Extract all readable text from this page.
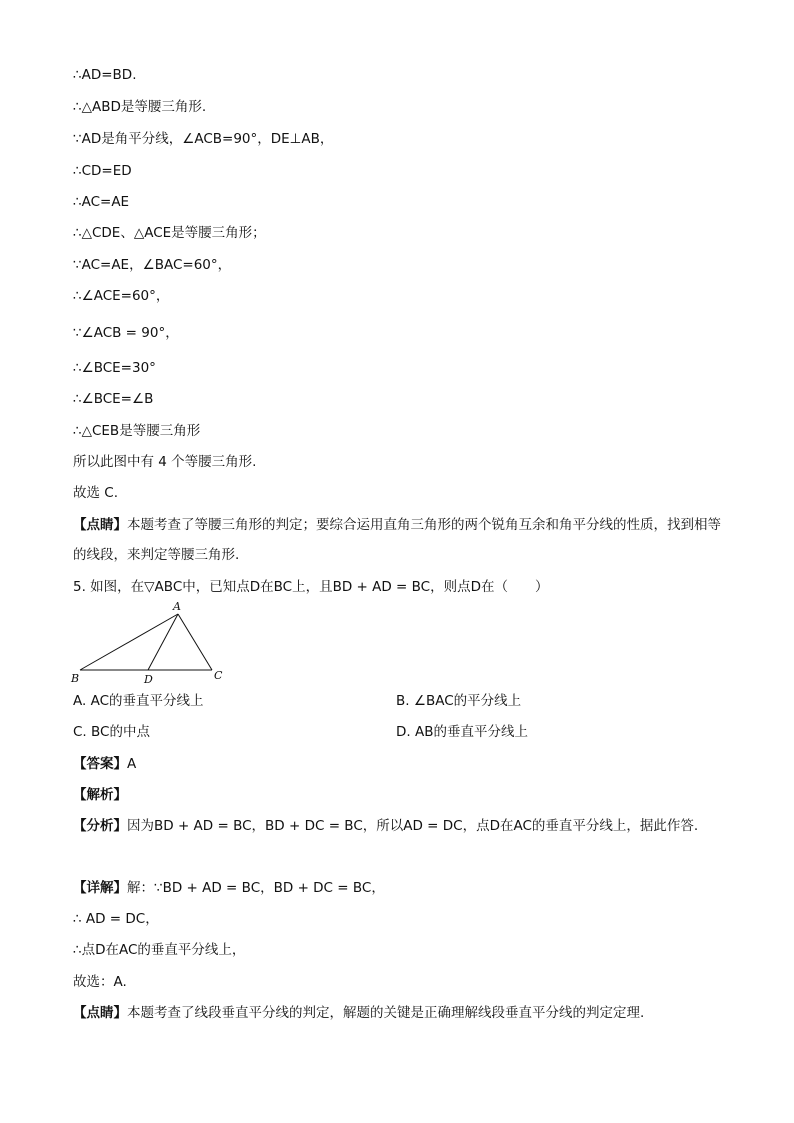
∴AD=BD.
∴△ABD是等腰三角形.
∵AD是角平分线，∠ACB=90°，DE⊥AB，
∴CD=ED
∴AC=AE
∴△CDE、△ACE是等腰三角形；
∵AC=AE，∠BAC=60°，
∴∠ACE=60°，
∵∠ACB = 90°，
∴∠BCE=30°
∴∠BCE=∠B
∴△CEB是等腰三角形
所以此图中有 4 个等腰三角形.
故选 C.
【点睛】本题考查了等腰三角形的判定；要综合运用直角三角形的两个锐角互余和角平分线的性质，找到相等的线段，来判定等腰三角形.
5. 如图，在▽ABC中，已知点D在BC上，且BD + AD = BC，则点D在（　　）
A
B	C
D
A. AC的垂直平分线上	B. ∠BAC的平分线上
C. BC的中点	D. AB的垂直平分线上
【答案】A
【解析】
【分析】因为BD + AD = BC，BD + DC = BC，所以AD = DC，点D在AC的垂直平分线上，据此作答.
【详解】解：∵BD + AD = BC，BD + DC = BC，
∴ AD = DC，
∴点D在AC的垂直平分线上，
故选：A.
【点睛】本题考查了线段垂直平分线的判定，解题的关键是正确理解线段垂直平分线的判定定理.
